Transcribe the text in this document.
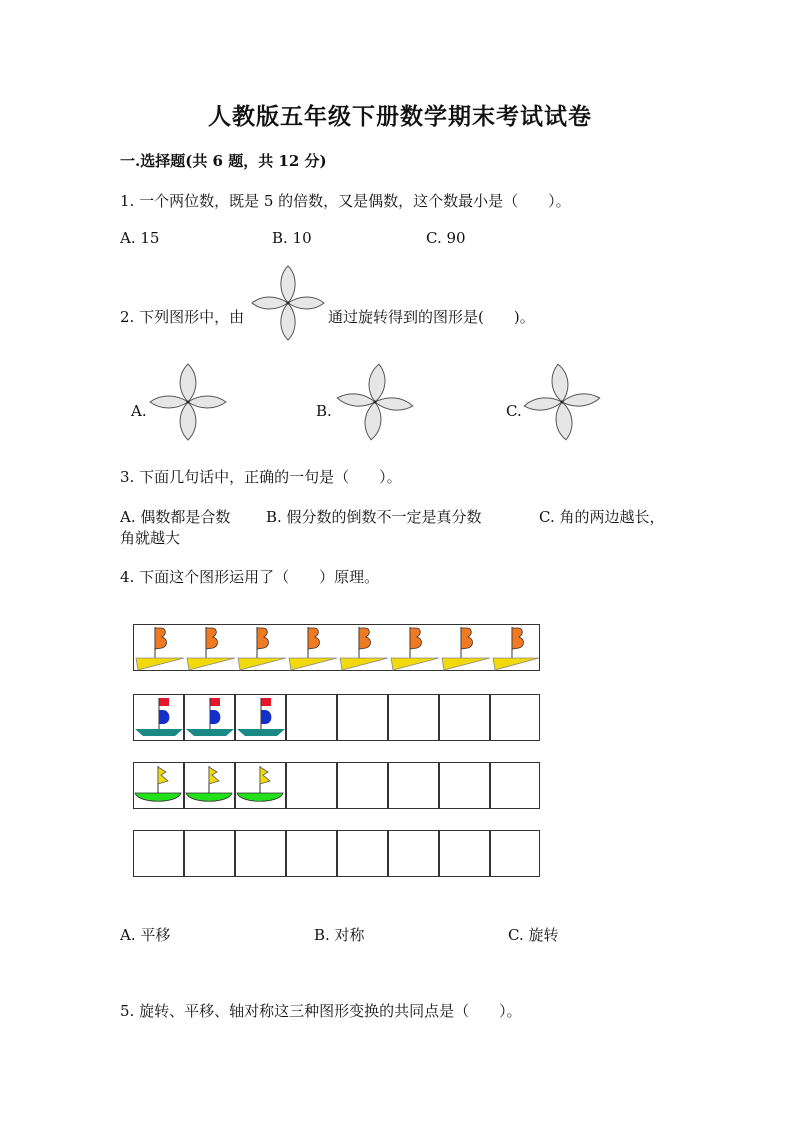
人教版五年级下册数学期末考试试卷
一.选择题(共 6 题，共 12 分)
1. 一个两位数，既是 5 的倍数，又是偶数，这个数最小是（　　）。
A. 15	B. 10	C. 90
2. 下列图形中，由	通过旋转得到的图形是(　　)。
A.	B.	C.
3. 下面几句话中，正确的一句是（　　）。
A. 偶数都是合数 B. 假分数的倒数不一定是真分数	C. 角的两边越长，
角就越大
4. 下面这个图形运用了（　　）原理。
A. 平移	B. 对称	C. 旋转
5. 旋转、平移、轴对称这三种图形变换的共同点是（　　）。
